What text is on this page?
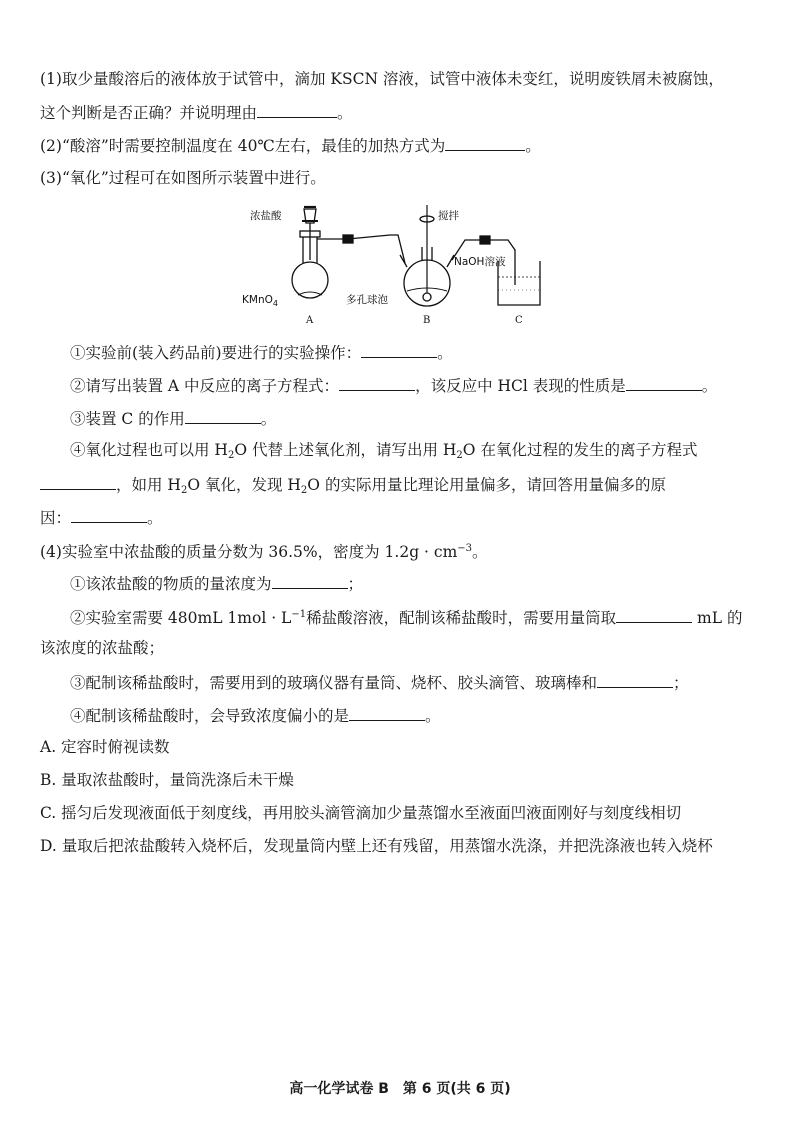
(1)取少量酸溶后的液体放于试管中，滴加 KSCN 溶液，试管中液体未变红，说明废铁屑未被腐蚀，
这个判断是否正确？并说明理由	。
(2)“酸溶”时需要控制温度在 40℃左右，最佳的加热方式为	。
(3)“氧化”过程可在如图所示装置中进行。
浓盐酸	搅拌
NaOH溶液
KMnO$_4$	多孔球泡
A	B	C
①实验前(装入药品前)要进行的实验操作：	。
②请写出装置 A 中反应的离子方程式：	，该反应中 HCl 表现的性质是	。
③装置 C 的作用	。
④氧化过程也可以用 $H_2O$ 代替上述氧化剂，请写出用 $H_2O$ 在氧化过程的发生的离子方程式
，如用 $H_2O$ 氧化，发现 $H_2O$ 的实际用量比理论用量偏多，请回答用量偏多的原
因：	。
(4)实验室中浓盐酸的质量分数为 36.5%，密度为 $1.2g \cdot cm^{-3}$。
①该浓盐酸的物质的量浓度为	；
②实验室需要 480mL $1mol \cdot L^{-1}$稀盐酸溶液，配制该稀盐酸时，需要用量筒取	mL 的
该浓度的浓盐酸；
③配制该稀盐酸时，需要用到的玻璃仪器有量筒、烧杯、胶头滴管、玻璃棒和	；
④配制该稀盐酸时，会导致浓度偏小的是	。
A. 定容时俯视读数
B. 量取浓盐酸时，量筒洗涤后未干燥
C. 摇匀后发现液面低于刻度线，再用胶头滴管滴加少量蒸馏水至液面凹液面刚好与刻度线相切
D. 量取后把浓盐酸转入烧杯后，发现量筒内壁上还有残留，用蒸馏水洗涤，并把洗涤液也转入烧杯
高一化学试卷 B　第 6 页(共 6 页)
